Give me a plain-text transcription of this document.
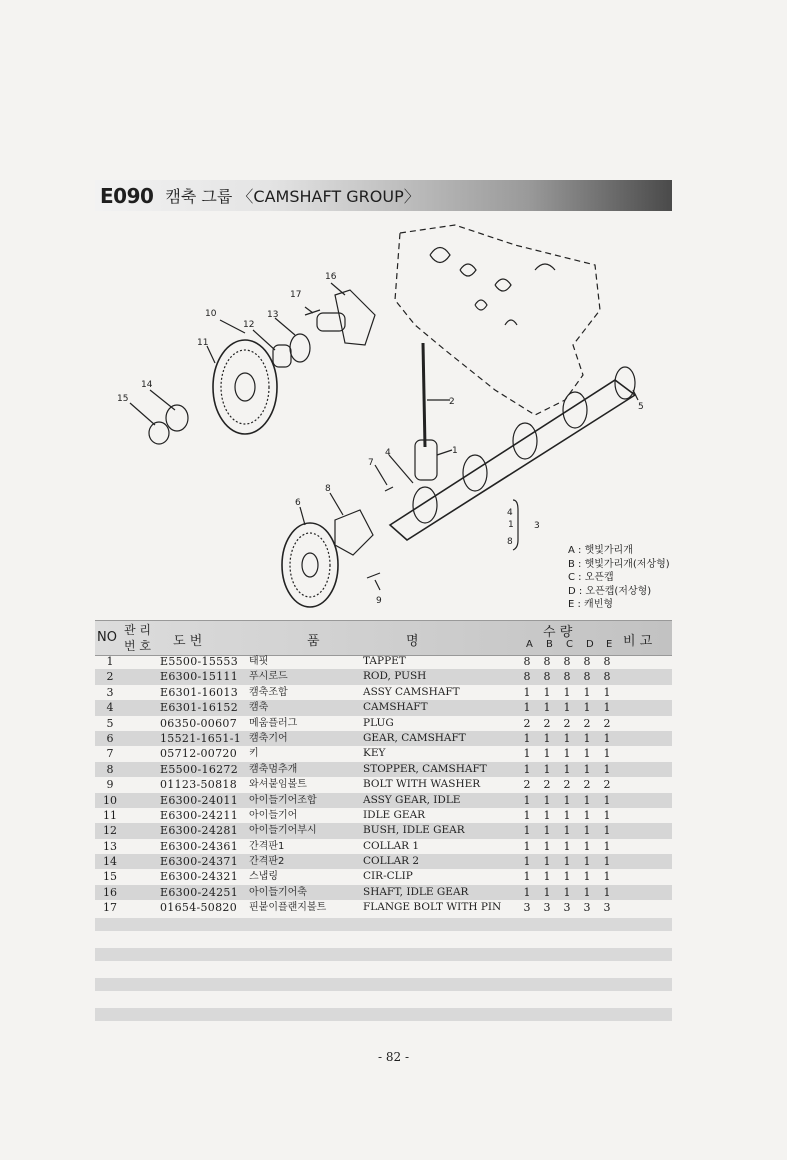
E090 캠축 그룹 〈CAMSHAFT GROUP〉
16
17
10	13
12
11
14
15	2	5
1
7
4
8
6
9
4
1 3
8
A : 햇빛가리개
B : 햇빛가리개(저상형)
C : 오픈캡
D : 오픈캡(저상형)
E : 캐빈형
NO 관 리
번 호 도 번	품	명
수 량
A B C D E 비 고
1	E5500-15553 태핏	TAPPET	8 8 8 8 8
2	E6300-15111 푸시로드	ROD, PUSH	8 8 8 8 8
3	E6301-16013 캠축조합	ASSY CAMSHAFT	1 1 1 1 1
4	E6301-16152 캠축	CAMSHAFT	1 1 1 1 1
5	06350-00607 메움플러그	PLUG	2 2 2 2 2
6	15521-1651-1 캠축기어	GEAR, CAMSHAFT	1 1 1 1 1
7	05712-00720 키	KEY	1 1 1 1 1
8	E5500-16272 캠축멈추개	STOPPER, CAMSHAFT	1 1 1 1 1
9	01123-50818 와셔붙임볼트	BOLT WITH WASHER	2 2 2 2 2
10	E6300-24011 아이들기어조합	ASSY GEAR, IDLE	1 1 1 1 1
11	E6300-24211 아이들기어	IDLE GEAR	1 1 1 1 1
12	E6300-24281 아이들기어부시	BUSH, IDLE GEAR	1 1 1 1 1
13	E6300-24361 간격판1	COLLAR 1	1 1 1 1 1
14	E6300-24371 간격판2	COLLAR 2	1 1 1 1 1
15	E6300-24321 스냅링	CIR-CLIP	1 1 1 1 1
16	E6300-24251 아이들기어축	SHAFT, IDLE GEAR	1 1 1 1 1
17	01654-50820 핀붙이플랜지볼트	FLANGE BOLT WITH PIN 3 3 3 3 3
- 82 -
